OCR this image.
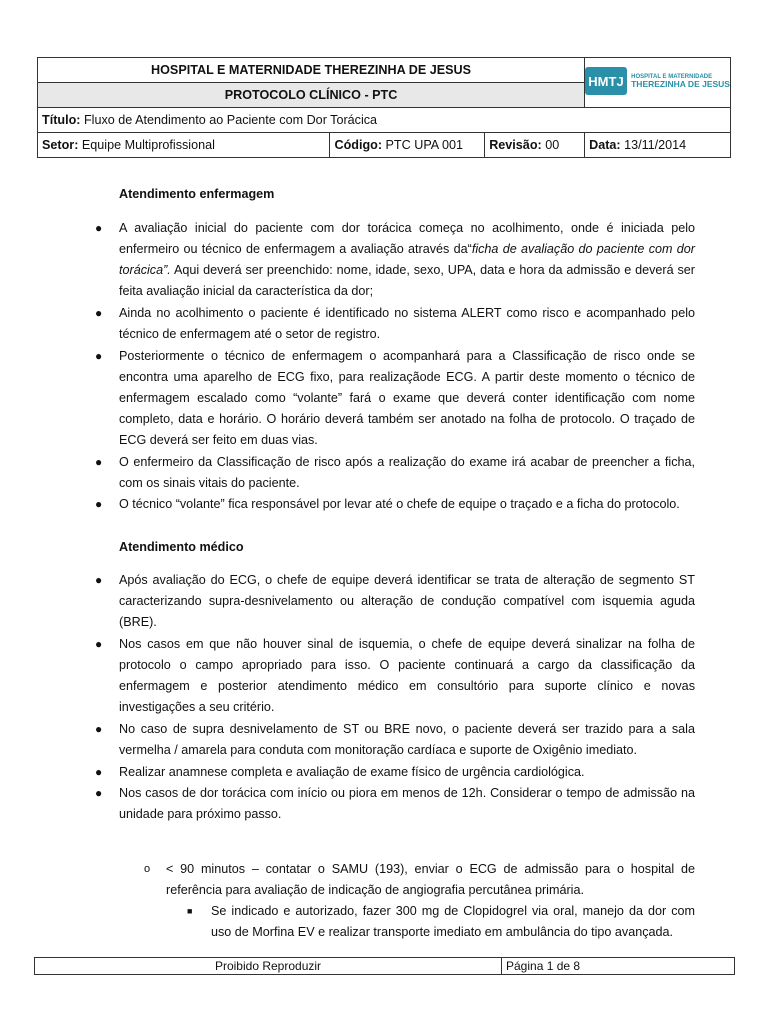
HOSPITAL E MATERNIDADE THEREZINHA DE JESUS			HMTJ HOSPITAL E MATERNIDADE
THEREZINHA DE JESUS

PROTOCOLO CLÍNICO - PTC			
Título: Fluxo de Atendimento ao Paciente com Dor Torácica			
Setor: Equipe Multiprofissional	Código: PTC UPA 001	Revisão: 00	Data: 13/11/2014
Atendimento enfermagem
● A avaliação inicial do paciente com dor torácica começa no acolhimento, onde é iniciada pelo enfermeiro ou técnico de enfermagem a avaliação através da“ficha de avaliação do paciente com dor torácica”. Aqui deverá ser preenchido: nome, idade, sexo, UPA, data e hora da admissão e deverá ser feita avaliação inicial da característica da dor;
● Ainda no acolhimento o paciente é identificado no sistema ALERT como risco e acompanhado pelo técnico de enfermagem até o setor de registro.
● Posteriormente o técnico de enfermagem o acompanhará para a Classificação de risco onde se encontra uma aparelho de ECG fixo, para realizaçãode ECG. A partir deste momento o técnico de enfermagem escalado como “volante” fará o exame que deverá conter identificação com nome completo, data e horário. O horário deverá também ser anotado na folha de protocolo. O traçado de ECG deverá ser feito em duas vias.
● O enfermeiro da Classificação de risco após a realização do exame irá acabar de preencher a ficha, com os sinais vitais do paciente.
● O técnico “volante” fica responsável por levar até o chefe de equipe o traçado e a ficha do protocolo.
Atendimento médico
● Após avaliação do ECG, o chefe de equipe deverá identificar se trata de alteração de segmento ST caracterizando supra-desnivelamento ou alteração de condução compatível com isquemia aguda (BRE).
● Nos casos em que não houver sinal de isquemia, o chefe de equipe deverá sinalizar na folha de protocolo o campo apropriado para isso. O paciente continuará a cargo da classificação da enfermagem e posterior atendimento médico em consultório para suporte clínico e novas investigações a seu critério.
● No caso de supra desnivelamento de ST ou BRE novo, o paciente deverá ser trazido para a sala vermelha / amarela para conduta com monitoração cardíaca e suporte de Oxigênio imediato.
● Realizar anamnese completa e avaliação de exame físico de urgência cardiológica.
● Nos casos de dor torácica com início ou piora em menos de 12h. Considerar o tempo de admissão na unidade para próximo passo.
o < 90 minutos – contatar o SAMU (193), enviar o ECG de admissão para o hospital de referência para avaliação de indicação de angiografia percutânea primária.
■ Se indicado e autorizado, fazer 300 mg de Clopidogrel via oral, manejo da dor com uso de Morfina EV e realizar transporte imediato em ambulância do tipo avançada.
Proibido Reproduzir	Página 1 de 8
